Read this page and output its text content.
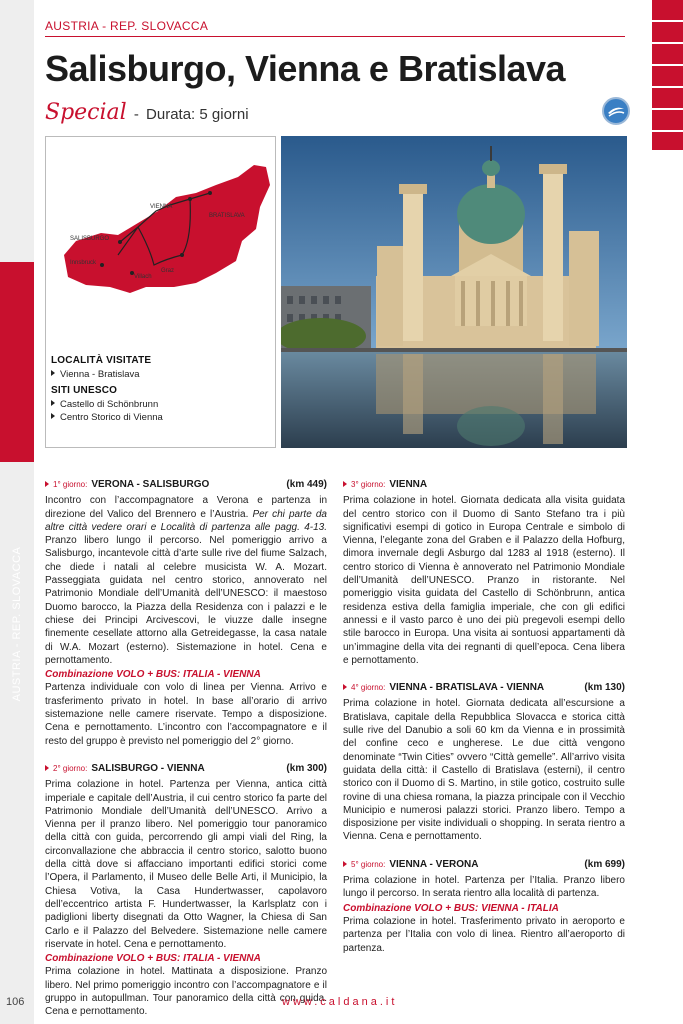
AUSTRIA - REP. SLOVACCA
106
AUSTRIA - REP. SLOVACCA
Salisburgo, Vienna e Bratislava
Special - Durata: 5 giorni
VIENNA
BRATISLAVA
SALISBURGO
Innsbruck
Graz
Villach
LOCALITÀ VISITATE
Vienna - Bratislava
SITI UNESCO
Castello di Schönbrunn
Centro Storico di Vienna
1° giorno: VERONA - SALISBURGO	(km 449)

Incontro con l’accompagnatore a Verona e partenza in direzione del Valico del Brennero e l’Austria. Per chi parte da altre città vedere orari e Località di partenza alle pagg. 4-13. Pranzo libero lungo il percorso. Nel pomeriggio arrivo a Salisburgo, incantevole città d’arte sulle rive del fiume Salzach, che diede i natali al celebre musicista W. A. Mozart. Passeggiata guidata nel centro storico, annoverato nel Patrimonio Mondiale dell’Umanità dell’UNESCO: il maestoso Duomo barocco, la Piazza della Residenza con i palazzi e le chiese dei Principi Arcivescovi, le viuzze dalle insegne finemente cesellate attorno alla Getreidegasse, la casa natale di W.A. Mozart (esterno). Sistemazione in hotel. Cena e pernottamento.

Combinazione VOLO + BUS: ITALIA - VIENNA

Partenza individuale con volo di linea per Vienna. Arrivo e trasferimento privato in hotel. In base all’orario di arrivo sistemazione nelle camere riservate. Tempo a disposizione. Cena e pernottamento. L’incontro con l’accompagnatore e il resto del gruppo è previsto nel pomeriggio del 2° giorno.

2° giorno: SALISBURGO - VIENNA	(km 300)

Prima colazione in hotel. Partenza per Vienna, antica città imperiale e capitale dell’Austria, il cui centro storico fa parte del Patrimonio Mondiale dell’Umanità dell’UNESCO. Arrivo a Vienna per il pranzo libero. Nel pomeriggio tour panoramico della città con guida, percorrendo gli ampi viali del Ring, la circonvallazione che abbraccia il centro storico, salotto buono della città dove si affacciano importanti edifici storici come l’Opera, il Parlamento, il Museo delle Belle Arti, il Municipio, la Chiesa Votiva, la Casa Hundertwasser, capolavoro dell’eccentrico artista F. Hundertwasser, la Karlsplatz con i padiglioni liberty disegnati da Otto Wagner, la Chiesa di San Carlo e il Palazzo del Belvedere. Sistemazione nelle camere riservate in hotel. Cena e pernottamento.

Combinazione VOLO + BUS: ITALIA - VIENNA

Prima colazione in hotel. Mattinata a disposizione. Pranzo libero. Nel primo pomeriggio incontro con l’accompagnatore e il gruppo in autopullman. Tour panoramico della città con guida. Cena e pernottamento.

3° giorno: VIENNA

Prima colazione in hotel. Giornata dedicata alla visita guidata del centro storico con il Duomo di Santo Stefano tra i più significativi esempi di gotico in Europa Centrale e simbolo di Vienna, l’elegante zona del Graben e il Palazzo della Hofburg, dimora invernale degli Asburgo dal 1283 al 1918 (esterno). Il centro storico di Vienna è annoverato nel Patrimonio Mondiale dell’Umanità dell’UNESCO. Pranzo in ristorante. Nel pomeriggio visita guidata del Castello di Schönbrunn, antica residenza estiva della famiglia imperiale, che con gli edifici annessi e il vasto parco è uno dei più pregevoli esempi dello stile barocco in Europa. Una visita ai sontuosi appartamenti dà un’immagine della vita dei regnanti di quell’epoca. Cena libera e pernottamento.

4° giorno: VIENNA - BRATISLAVA - VIENNA	(km 130)

Prima colazione in hotel. Giornata dedicata all’escursione a Bratislava, capitale della Repubblica Slovacca e storica città sulle rive del Danubio a soli 60 km da Vienna e in prossimità del confine ceco e ungherese. Le due città vengono denominate “Twin Cities” ovvero “Città gemelle”. All’arrivo visita guidata della città: il Castello di Bratislava (esterni), il centro storico con il Duomo di S. Martino, in stile gotico, costruito sulle rovine di una chiesa romana, la piazza principale con il Vecchio Municipio e numerosi palazzi storici. Pranzo libero. Tempo a disposizione per visite individuali o shopping. In serata rientro a Vienna. Cena e pernottamento.

5° giorno: VIENNA - VERONA	(km 699)

Prima colazione in hotel. Partenza per l’Italia. Pranzo libero lungo il percorso. In serata rientro alla località di partenza.

Combinazione VOLO + BUS: VIENNA - ITALIA

Prima colazione in hotel. Trasferimento privato in aeroporto e partenza per l’Italia con volo di linea. Rientro all’aeroporto di partenza.

www.caldana.it
